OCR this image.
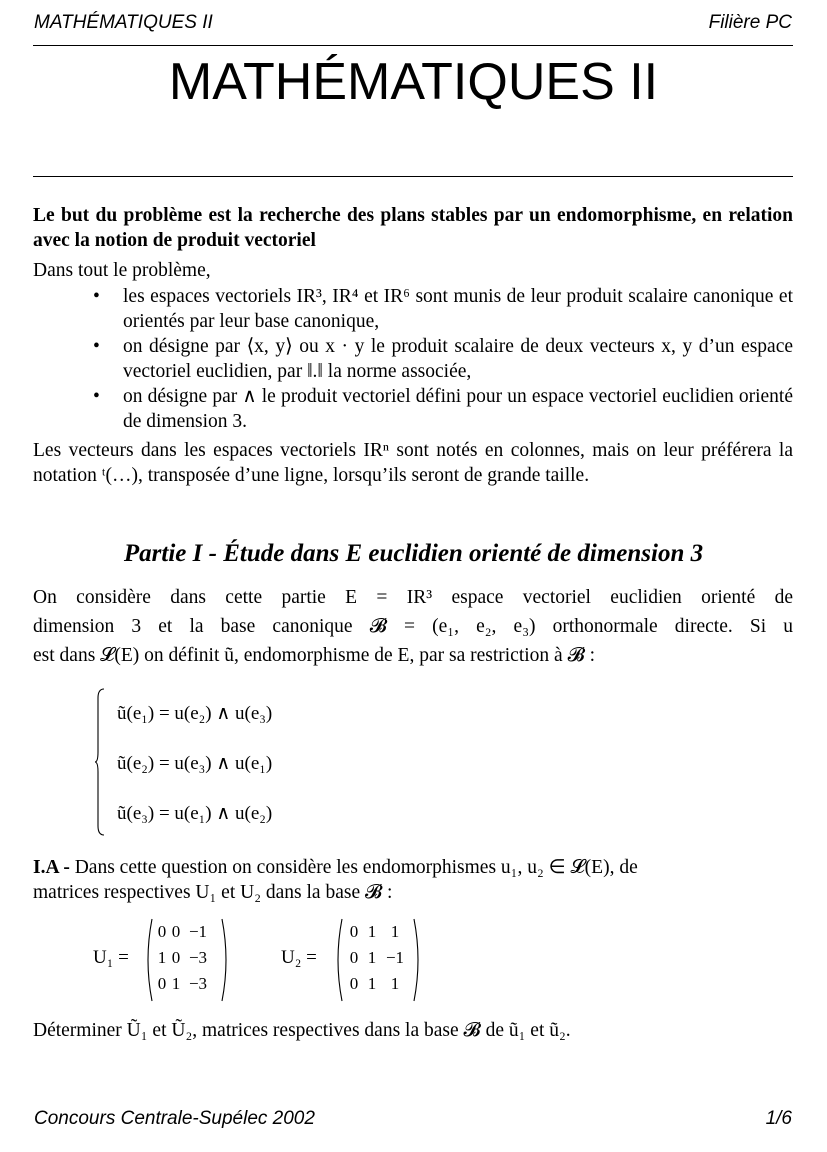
MATHÉMATIQUES II	Filière PC
MATHÉMATIQUES II
Le but du problème est la recherche des plans stables par un endomorphisme, en relation avec la notion de produit vectoriel
Dans tout le problème,
• les espaces vectoriels IR³, IR⁴ et IR⁶ sont munis de leur produit scalaire canonique et orientés par leur base canonique,
• on désigne par ⟨x, y⟩ ou x · y le produit scalaire de deux vecteurs x, y d’un espace vectoriel euclidien, par ‖.‖ la norme associée,
• on désigne par ∧ le produit vectoriel défini pour un espace vectoriel euclidien orienté de dimension 3.
Les vecteurs dans les espaces vectoriels IRⁿ sont notés en colonnes, mais on leur préférera la notation ᵗ(…), transposée d’une ligne, lorsqu’ils seront de grande taille.
Partie I - Étude dans E euclidien orienté de dimension 3
On considère dans cette partie E = IR³ espace vectoriel euclidien orienté de
dimension 3 et la base canonique 𝓑 = (e₁, e₂, e₃) orthonormale directe. Si u
est dans 𝓛(E) on définit ũ, endomorphisme de E, par sa restriction à 𝓑 :
ũ(e₁) = u(e₂) ∧ u(e₃)
ũ(e₂) = u(e₃) ∧ u(e₁)
ũ(e₃) = u(e₁) ∧ u(e₂)
I.A - Dans cette question on considère les endomorphismes u₁, u₂ ∈ 𝓛(E), de
matrices respectives U₁ et U₂ dans la base 𝓑 :
U₁ =
0 0 −1
1 0 −3
0 1 −3
U₂ =
0 1 1
0 1 −1
0 1 1
Déterminer Ũ₁ et Ũ₂, matrices respectives dans la base 𝓑 de ũ₁ et ũ₂.
Concours Centrale-Supélec 2002	1/6
